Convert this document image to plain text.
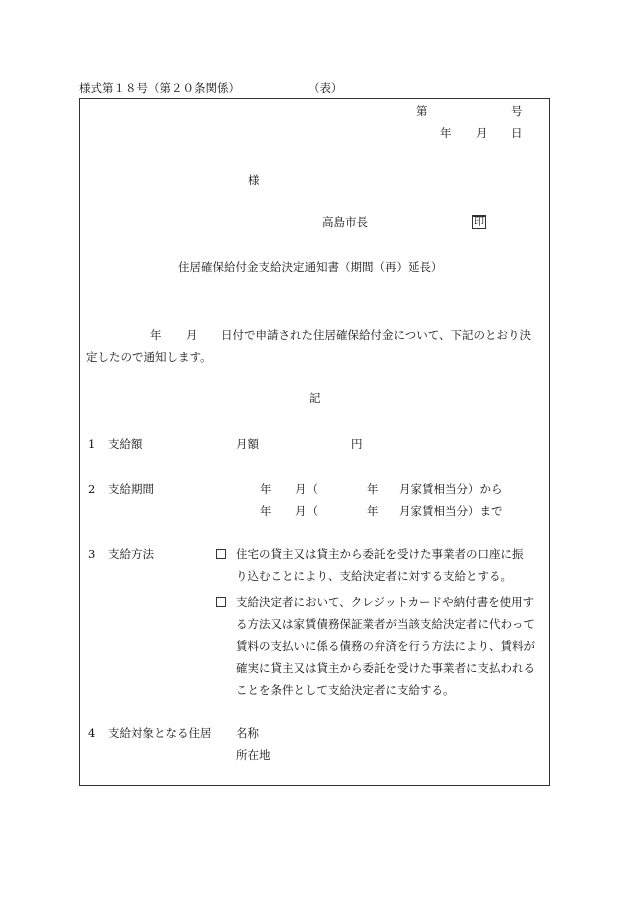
様式第１８号（第２０条関係）	（表）
第	号
年 月 日
様
高島市長	印
住居確保給付金支給決定通知書（期間（再）延長）
年 月 日付で申請された住居確保給付金について、下記のとおり決
定したので通知します。
記
1 支給額	月額	円
2 支給期間	年 月（	年 月家賃相当分）から
年 月（	年 月家賃相当分）まで
3 支給方法	住宅の貸主又は貸主から委託を受けた事業者の口座に振
り込むことにより、支給決定者に対する支給とする。
支給決定者において、クレジットカードや納付書を使用す
る方法又は家賃債務保証業者が当該支給決定者に代わって
賃料の支払いに係る債務の弁済を行う方法により、賃料が
確実に貸主又は貸主から委託を受けた事業者に支払われる
ことを条件として支給決定者に支給する。
4 支給対象となる住居 名称
所在地
